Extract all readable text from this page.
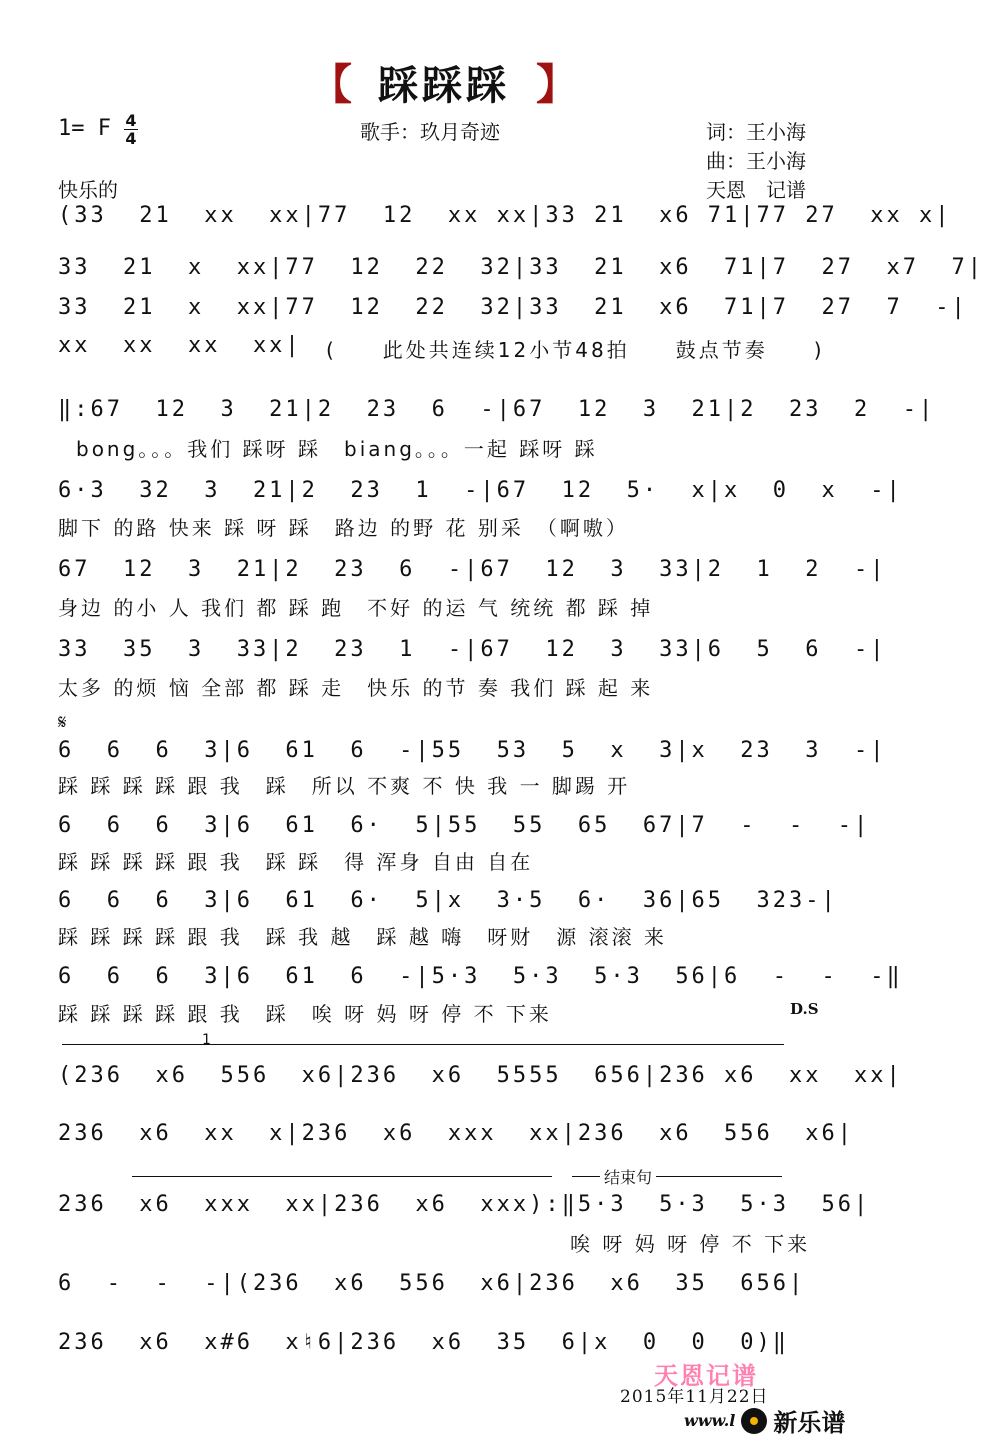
【 踩踩踩 】
1= F 4
4	歌手：玖月奇迹	词：王小海
曲：王小海
天恩　记谱
快乐的
(33  21  xx  xx|77  12  xx xx|33 21  x6 71|77 27  xx x|
33  21  x  xx|77  12  22  32|33  21  x6  71|7  27  x7  7|
33  21  x  xx|77  12  22  32|33  21  x6  71|7  27  7  -|
xx  xx  xx  xx|	(　　此处共连续12小节48拍　　鼓点节奏　　)
‖:67  12  3  21|2  23  6  -|67  12  3  21|2  23  2  -|
bong。。。我们 踩呀 踩　biang。。。一起 踩呀 踩
6·3  32  3  21|2  23  1  -|67  12  5·  x|x  0  x  -|
脚下 的路 快来 踩 呀 踩　路边 的野 花 别采　（啊嗷）
67  12  3  21|2  23  6  -|67  12  3  33|2  1  2  -|
身边 的小 人 我们 都 踩 跑　不好 的运 气 统统 都 踩 掉
33  35  3  33|2  23  1  -|67  12  3  33|6  5  6  -|
太多 的烦 恼 全部 都 踩 走　快乐 的节 奏 我们 踩 起 来
𝄋
6  6  6  3|6  61  6  -|55  53  5  x  3|x  23  3  -|
踩 踩 踩 踩 跟 我　踩　所以 不爽 不 快 我 一 脚踢 开
6  6  6  3|6  61  6·  5|55  55  65  67|7  -  -  -|
踩 踩 踩 踩 跟 我　踩 踩　得 浑身 自由 自在
6  6  6  3|6  61  6·  5|x  3·5  6·  36|65  323-|
踩 踩 踩 踩 跟 我　踩 我 越　踩 越 嗨　呀财　源 滚滚 来
6  6  6  3|6  61  6  -|5·3  5·3  5·3  56|6  -  -  -‖
踩 踩 踩 踩 跟 我　踩　唉 呀 妈 呀 停 不 下来	D.S
1
(236  x6  556  x6|236  x6  5555  656|236 x6  xx  xx|
236  x6  xx  x|236  x6  xxx  xx|236  x6  556  x6|
结束句
236  x6  xxx  xx|236  x6  xxx):‖5·3  5·3  5·3  56|
唉 呀 妈 呀 停 不 下来
6  -  -  -|(236  x6  556  x6|236  x6  35  656|
236  x6  x#6  x♮6|236  x6  35  6|x  0  0  0)‖
天恩记谱
2015年11月22日
www.l 新乐谱
